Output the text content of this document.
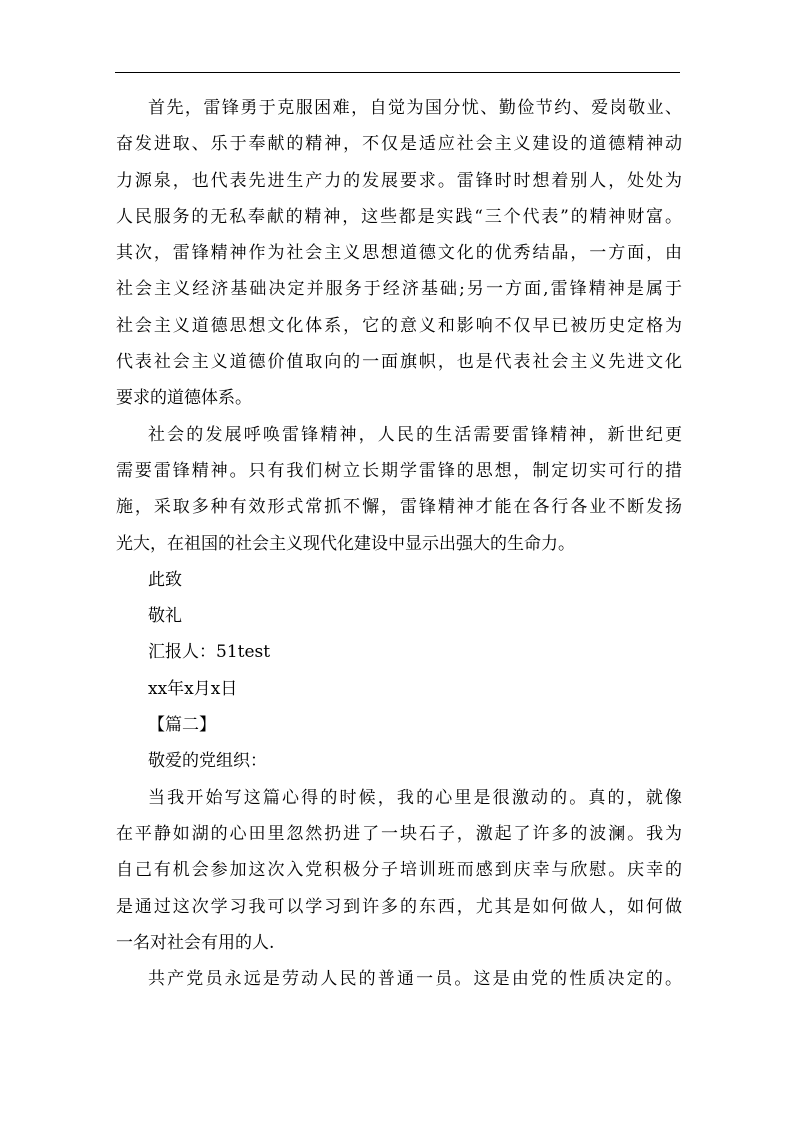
首先，雷锋勇于克服困难，自觉为国分忧、勤俭节约、爱岗敬业、
奋发进取、乐于奉献的精神，不仅是适应社会主义建设的道德精神动
力源泉，也代表先进生产力的发展要求。雷锋时时想着别人，处处为
人民服务的无私奉献的精神，这些都是实践“三个代表”的精神财富。
其次，雷锋精神作为社会主义思想道德文化的优秀结晶，一方面，由
社会主义经济基础决定并服务于经济基础;另一方面,雷锋精神是属于
社会主义道德思想文化体系，它的意义和影响不仅早已被历史定格为
代表社会主义道德价值取向的一面旗帜，也是代表社会主义先进文化
要求的道德体系。
社会的发展呼唤雷锋精神，人民的生活需要雷锋精神，新世纪更
需要雷锋精神。只有我们树立长期学雷锋的思想，制定切实可行的措
施，采取多种有效形式常抓不懈，雷锋精神才能在各行各业不断发扬
光大，在祖国的社会主义现代化建设中显示出强大的生命力。
此致
敬礼
汇报人：51test
xx年x月x日
【篇二】
敬爱的党组织：
当我开始写这篇心得的时候，我的心里是很激动的。真的，就像
在平静如湖的心田里忽然扔进了一块石子，激起了许多的波澜。我为
自己有机会参加这次入党积极分子培训班而感到庆幸与欣慰。庆幸的
是通过这次学习我可以学习到许多的东西，尤其是如何做人，如何做
一名对社会有用的人.
共产党员永远是劳动人民的普通一员。这是由党的性质决定的。
